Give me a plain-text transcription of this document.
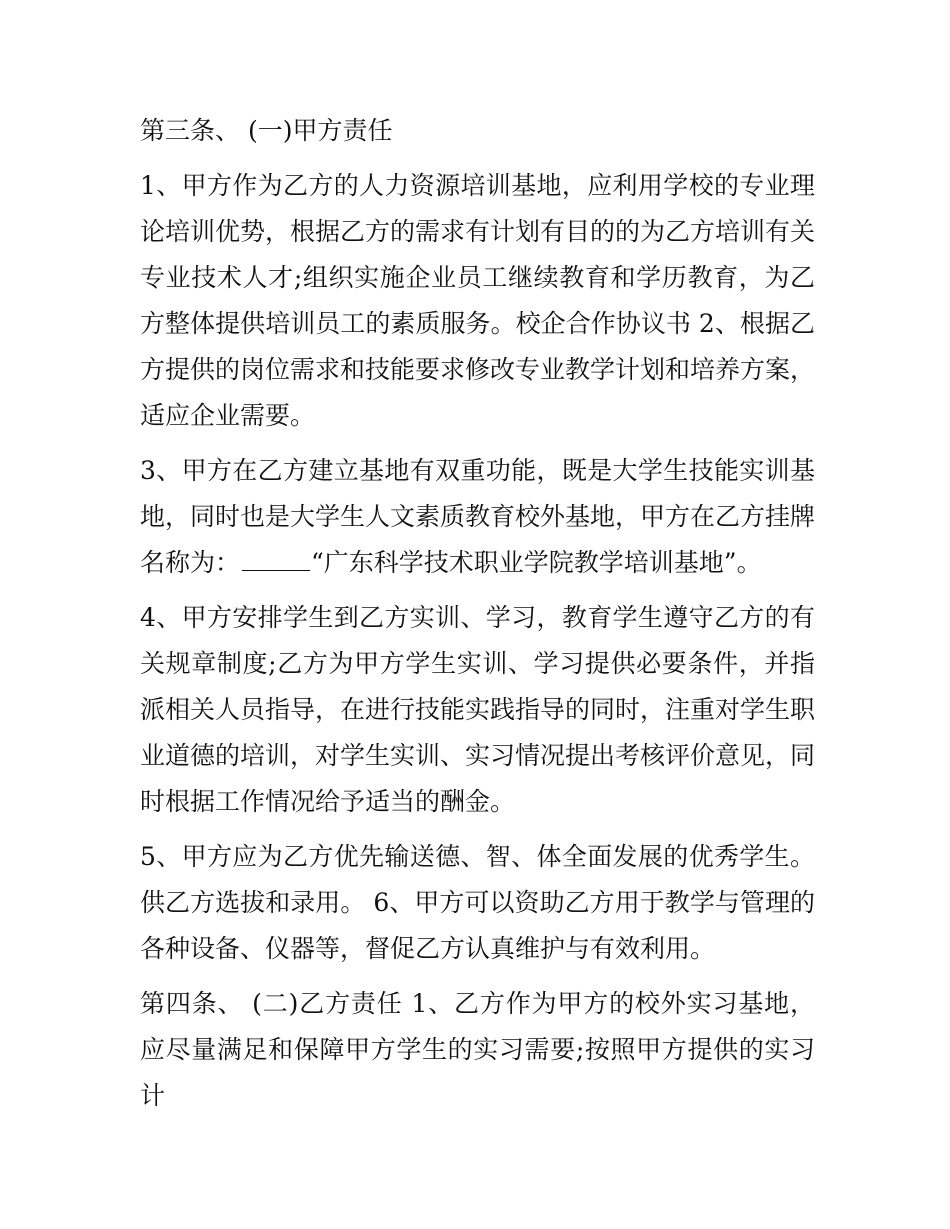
第三条、 (一)甲方责任

1、甲方作为乙方的人力资源培训基地，应利用学校的专业理论培训优势，根据乙方的需求有计划有目的的为乙方培训有关专业技术人才;组织实施企业员工继续教育和学历教育，为乙方整体提供培训员工的素质服务。校企合作协议书 2、根据乙方提供的岗位需求和技能要求修改专业教学计划和培养方案，适应企业需要。

3、甲方在乙方建立基地有双重功能，既是大学生技能实训基地，同时也是大学生人文素质教育校外基地，甲方在乙方挂牌
名称为：	“广东科学技术职业学院教学培训基地”。

4、甲方安排学生到乙方实训、学习，教育学生遵守乙方的有关规章制度;乙方为甲方学生实训、学习提供必要条件，并指派相关人员指导，在进行技能实践指导的同时，注重对学生职业道德的培训，对学生实训、实习情况提出考核评价意见，同时根据工作情况给予适当的酬金。

5、甲方应为乙方优先输送德、智、体全面发展的优秀学生。供乙方选拔和录用。 6、甲方可以资助乙方用于教学与管理的各种设备、仪器等，督促乙方认真维护与有效利用。

第四条、 (二)乙方责任 1、乙方作为甲方的校外实习基地，应尽量满足和保障甲方学生的实习需要;按照甲方提供的实习计
